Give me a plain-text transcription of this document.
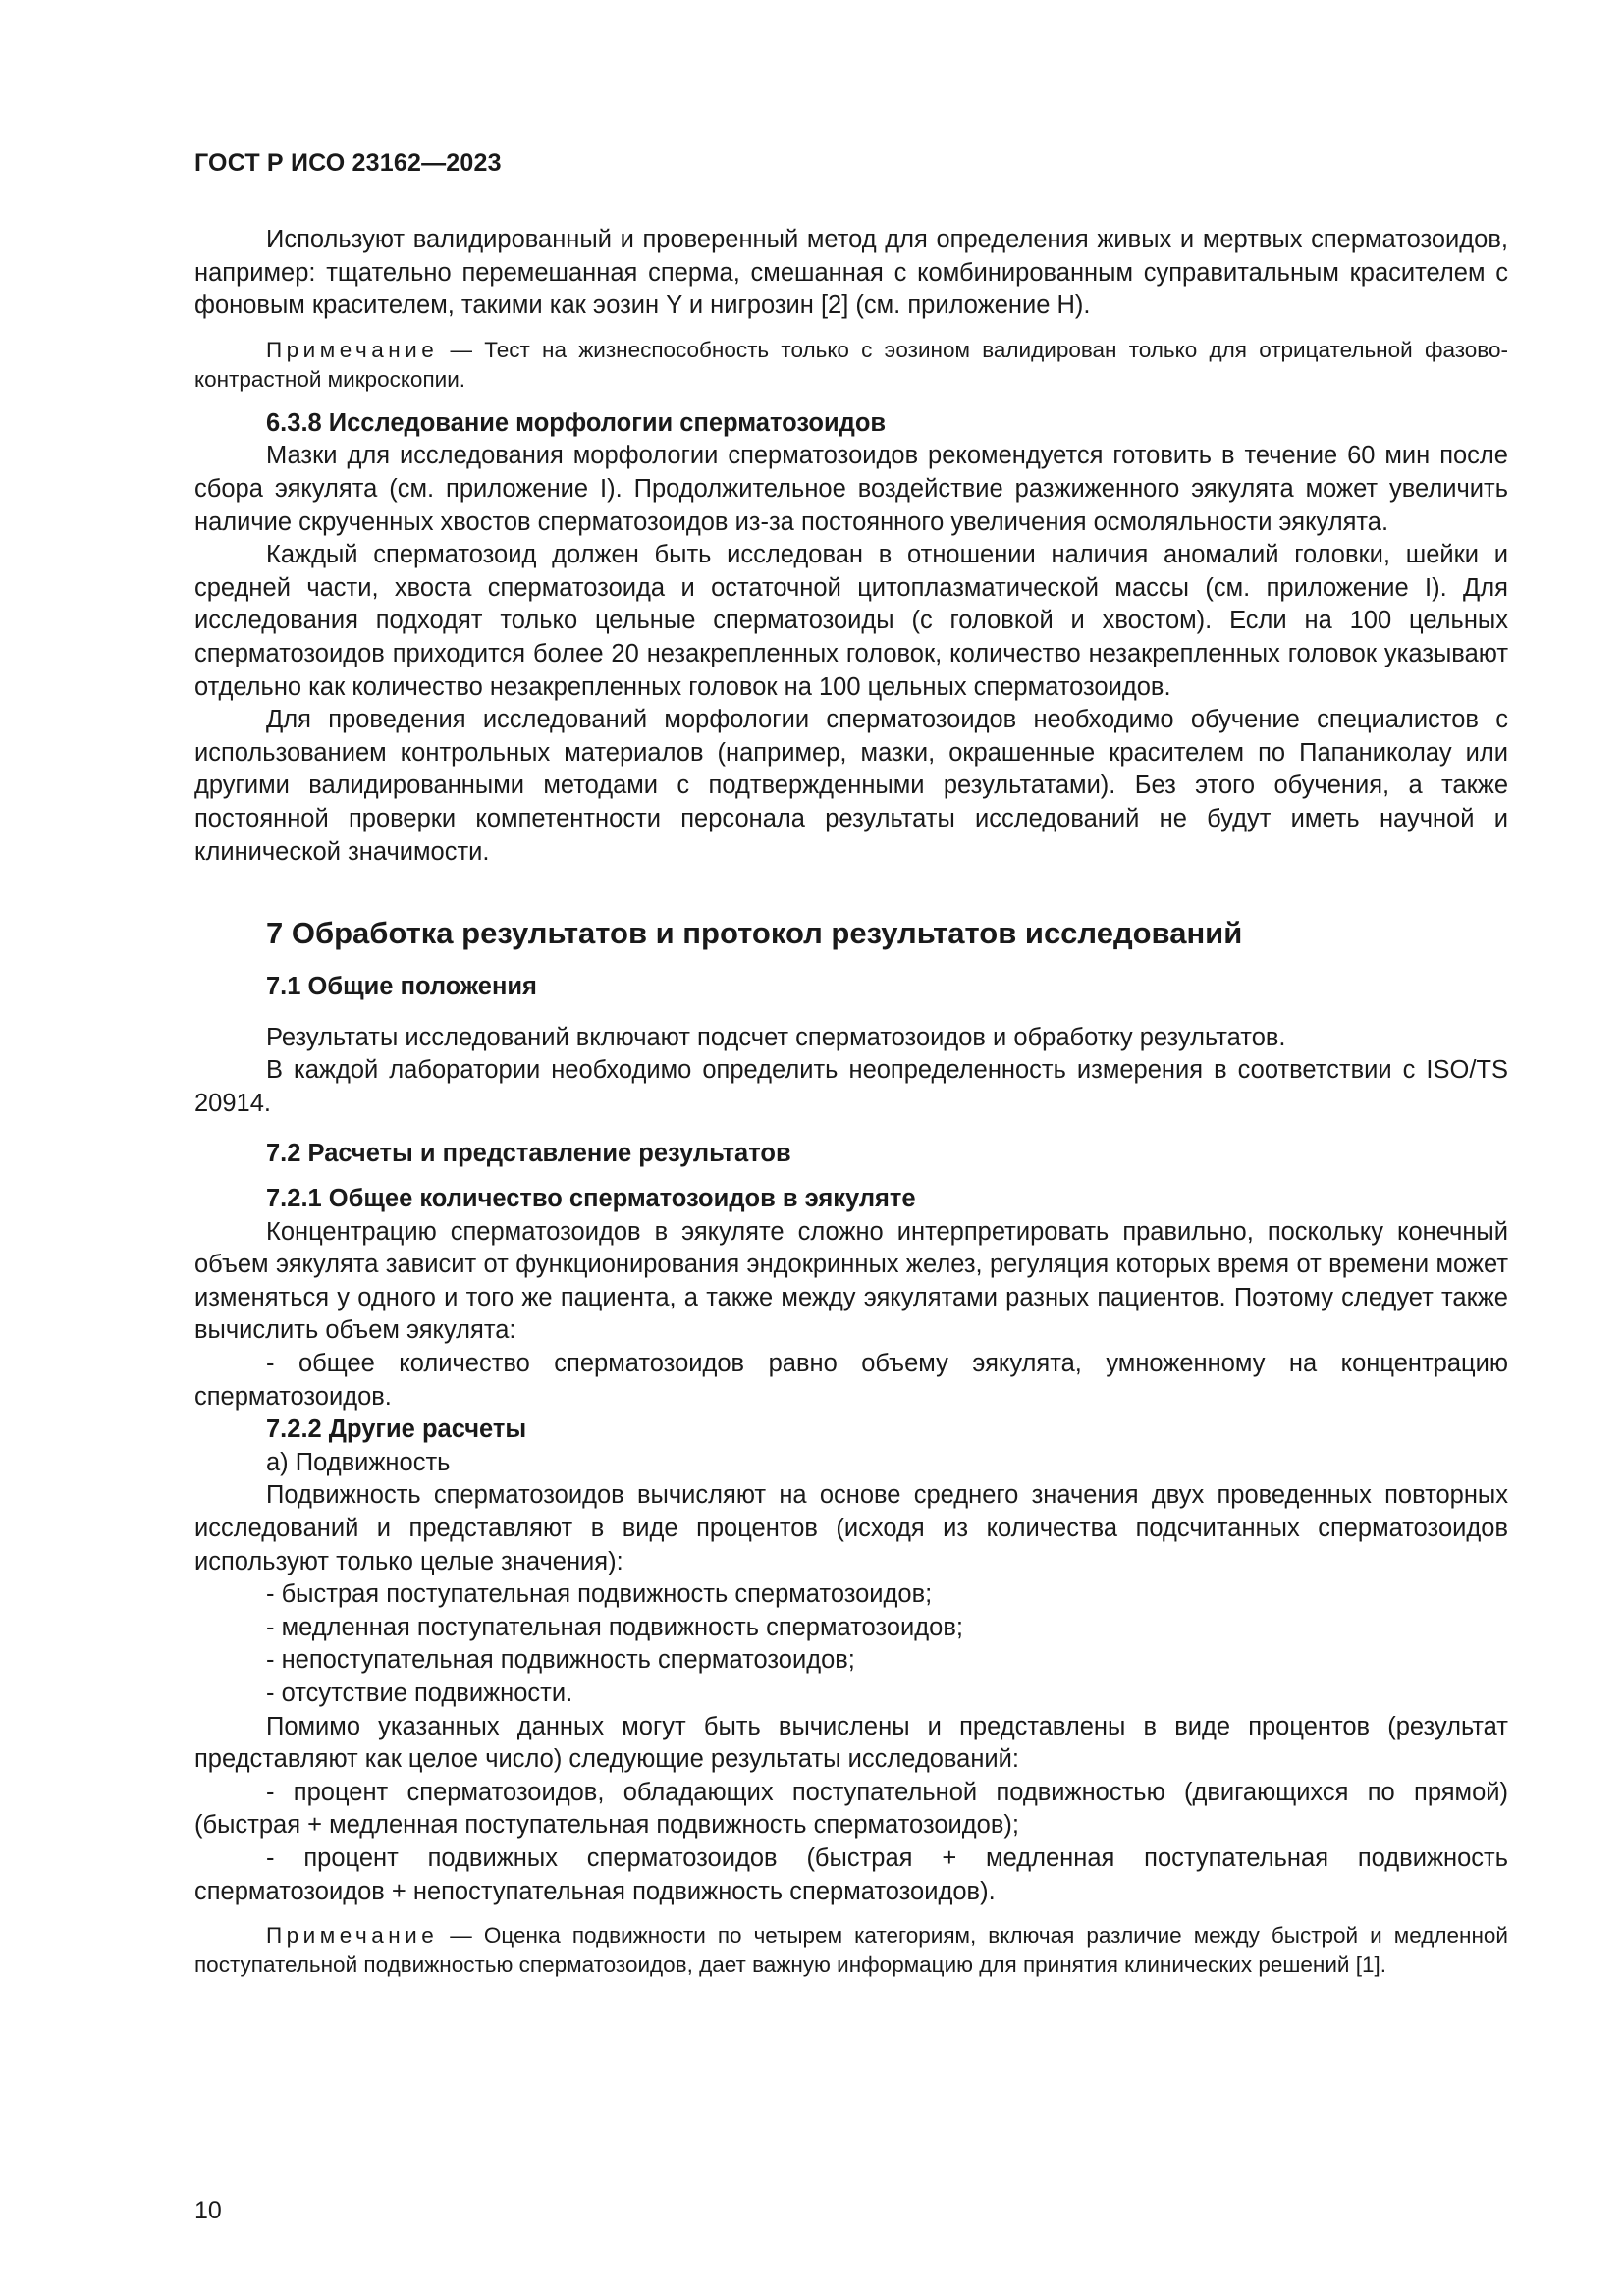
ГОСТ Р ИСО 23162—2023

Используют валидированный и проверенный метод для определения живых и мертвых сперматозоидов, например: тщательно перемешанная сперма, смешанная с комбинированным суправитальным красителем с фоновым красителем, такими как эозин Y и нигрозин [2] (см. приложение Н).

Примечание — Тест на жизнеспособность только с эозином валидирован только для отрицательной фазово-контрастной микроскопии.

6.3.8 Исследование морфологии сперматозоидов

Мазки для исследования морфологии сперматозоидов рекомендуется готовить в течение 60 мин после сбора эякулята (см. приложение I). Продолжительное воздействие разжиженного эякулята может увеличить наличие скрученных хвостов сперматозоидов из-за постоянного увеличения осмоляльности эякулята.

Каждый сперматозоид должен быть исследован в отношении наличия аномалий головки, шейки и средней части, хвоста сперматозоида и остаточной цитоплазматической массы (см. приложение I). Для исследования подходят только цельные сперматозоиды (с головкой и хвостом). Если на 100 цельных сперматозоидов приходится более 20 незакрепленных головок, количество незакрепленных головок указывают отдельно как количество незакрепленных головок на 100 цельных сперматозоидов.

Для проведения исследований морфологии сперматозоидов необходимо обучение специалистов с использованием контрольных материалов (например, мазки, окрашенные красителем по Папаниколау или другими валидированными методами с подтвержденными результатами). Без этого обучения, а также постоянной проверки компетентности персонала результаты исследований не будут иметь научной и клинической значимости.

7 Обработка результатов и протокол результатов исследований
7.1 Общие положения

Результаты исследований включают подсчет сперматозоидов и обработку результатов.

В каждой лаборатории необходимо определить неопределенность измерения в соответствии с ISO/TS 20914.

7.2 Расчеты и представление результатов
7.2.1 Общее количество сперматозоидов в эякуляте

Концентрацию сперматозоидов в эякуляте сложно интерпретировать правильно, поскольку конечный объем эякулята зависит от функционирования эндокринных желез, регуляция которых время от времени может изменяться у одного и того же пациента, а также между эякулятами разных пациентов. Поэтому следует также вычислить объем эякулята:

- общее количество сперматозоидов равно объему эякулята, умноженному на концентрацию сперматозоидов.

7.2.2 Другие расчеты

а) Подвижность

Подвижность сперматозоидов вычисляют на основе среднего значения двух проведенных повторных исследований и представляют в виде процентов (исходя из количества подсчитанных сперматозоидов используют только целые значения):

- быстрая поступательная подвижность сперматозоидов;

- медленная поступательная подвижность сперматозоидов;

- непоступательная подвижность сперматозоидов;

- отсутствие подвижности.

Помимо указанных данных могут быть вычислены и представлены в виде процентов (результат представляют как целое число) следующие результаты исследований:

- процент сперматозоидов, обладающих поступательной подвижностью (двигающихся по прямой) (быстрая + медленная поступательная подвижность сперматозоидов);

- процент подвижных сперматозоидов (быстрая + медленная поступательная подвижность сперматозоидов + непоступательная подвижность сперматозоидов).

Примечание — Оценка подвижности по четырем категориям, включая различие между быстрой и медленной поступательной подвижностью сперматозоидов, дает важную информацию для принятия клинических решений [1].

10
